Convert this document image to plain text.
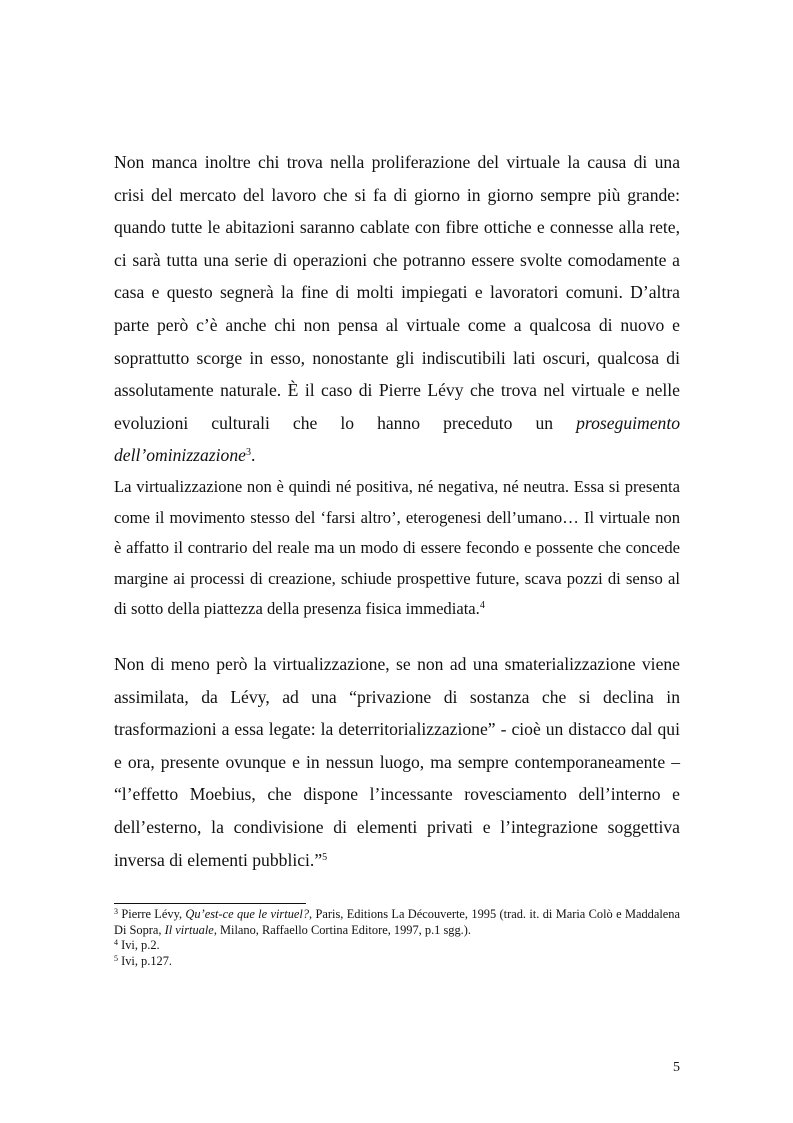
Non manca inoltre chi trova nella proliferazione del virtuale la causa di una crisi del mercato del lavoro che si fa di giorno in giorno sempre più grande: quando tutte le abitazioni saranno cablate con fibre ottiche e connesse alla rete, ci sarà tutta una serie di operazioni che potranno essere svolte comodamente a casa e questo segnerà la fine di molti impiegati e lavoratori comuni. D’altra parte però c’è anche chi non pensa al virtuale come a qualcosa di nuovo e soprattutto scorge in esso, nonostante gli indiscutibili lati oscuri, qualcosa di assolutamente naturale. È il caso di Pierre Lévy che trova nel virtuale e nelle evoluzioni culturali che lo hanno preceduto un proseguimento dell’ominizzazione$^3$.
La virtualizzazione non è quindi né positiva, né negativa, né neutra. Essa si presenta come il movimento stesso del ‘farsi altro’, eterogenesi dell’umano… Il virtuale non è affatto il contrario del reale ma un modo di essere fecondo e possente che concede margine ai processi di creazione, schiude prospettive future, scava pozzi di senso al di sotto della piattezza della presenza fisica immediata.$^4$
Non di meno però la virtualizzazione, se non ad una smaterializzazione viene assimilata, da Lévy, ad una “privazione di sostanza che si declina in trasformazioni a essa legate: la deterritorializzazione” - cioè un distacco dal qui e ora, presente ovunque e in nessun luogo, ma sempre contemporaneamente – “l’effetto Moebius, che dispone l’incessante rovesciamento dell’interno e dell’esterno, la condivisione di elementi privati e l’integrazione soggettiva inversa di elementi pubblici.”$^5$

$^3$ Pierre Lévy, Qu’est-ce que le virtuel?, Paris, Editions La Découverte, 1995 (trad. it. di Maria Colò e Maddalena Di Sopra, Il virtuale, Milano, Raffaello Cortina Editore, 1997, p.1 sgg.).

$^4$ Ivi, p.2.

$^5$ Ivi, p.127.

5
